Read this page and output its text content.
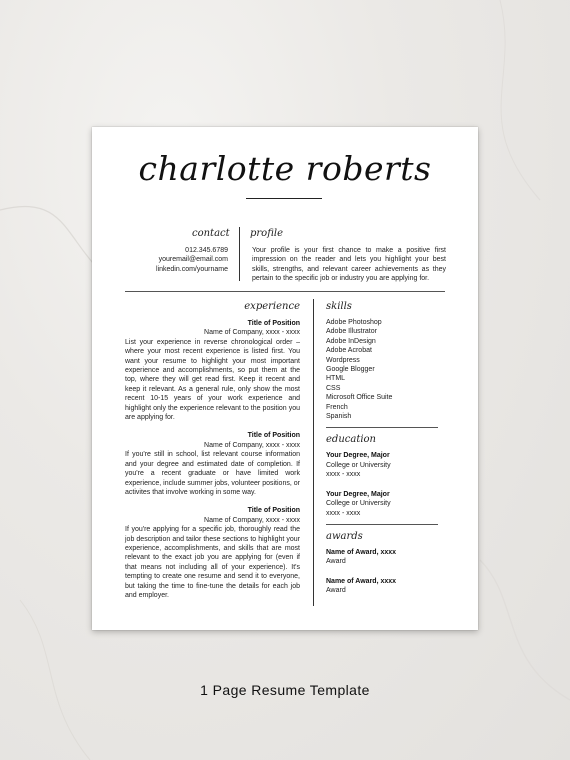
charlotte roberts
contact
012.345.6789
youremail@email.com
linkedin.com/yourname
profile
Your profile is your first chance to make a positive first impression on the reader and lets you highlight your best skills, strengths, and relevant career achievements as they pertain to the specific job or industry you are applying for.
experience
Title of Position
Name of Company, xxxx - xxxx
List your experience in reverse chronological order – where your most recent experience is listed first. You want your resume to highlight your most important experience and accomplishments, so put them at the top, where they will get read first. Keep it recent and keep it relevant. As a general rule, only show the most recent 10-15 years of your work experience and highlight only the experience relevant to the position you are applying for.
Title of Position
Name of Company, xxxx - xxxx
If you're still in school, list relevant course information and your degree and estimated date of completion. If you're a recent graduate or have limited work experience, include summer jobs, volunteer positions, or activites that involve working in some way.
Title of Position
Name of Company, xxxx - xxxx
If you're applying for a specific job, thoroughly read the job description and tailor these sections to highlight your experience, accomplishments, and skills that are most relevant to the exact job you are applying for (even if that means not including all of your experience). It's tempting to create one resume and send it to everyone, but taking the time to fine-tune the details for each job and employer.
skills
Adobe Photoshop
Adobe Illustrator
Adobe InDesign
Adobe Acrobat
Wordpress
Google Blogger
HTML
CSS
Microsoft Office Suite
French
Spanish
education
Your Degree, Major
College or University
xxxx - xxxx
Your Degree, Major
College or University
xxxx - xxxx
awards
Name of Award, xxxx
Award
Name of Award, xxxx
Award
1 Page Resume Template
